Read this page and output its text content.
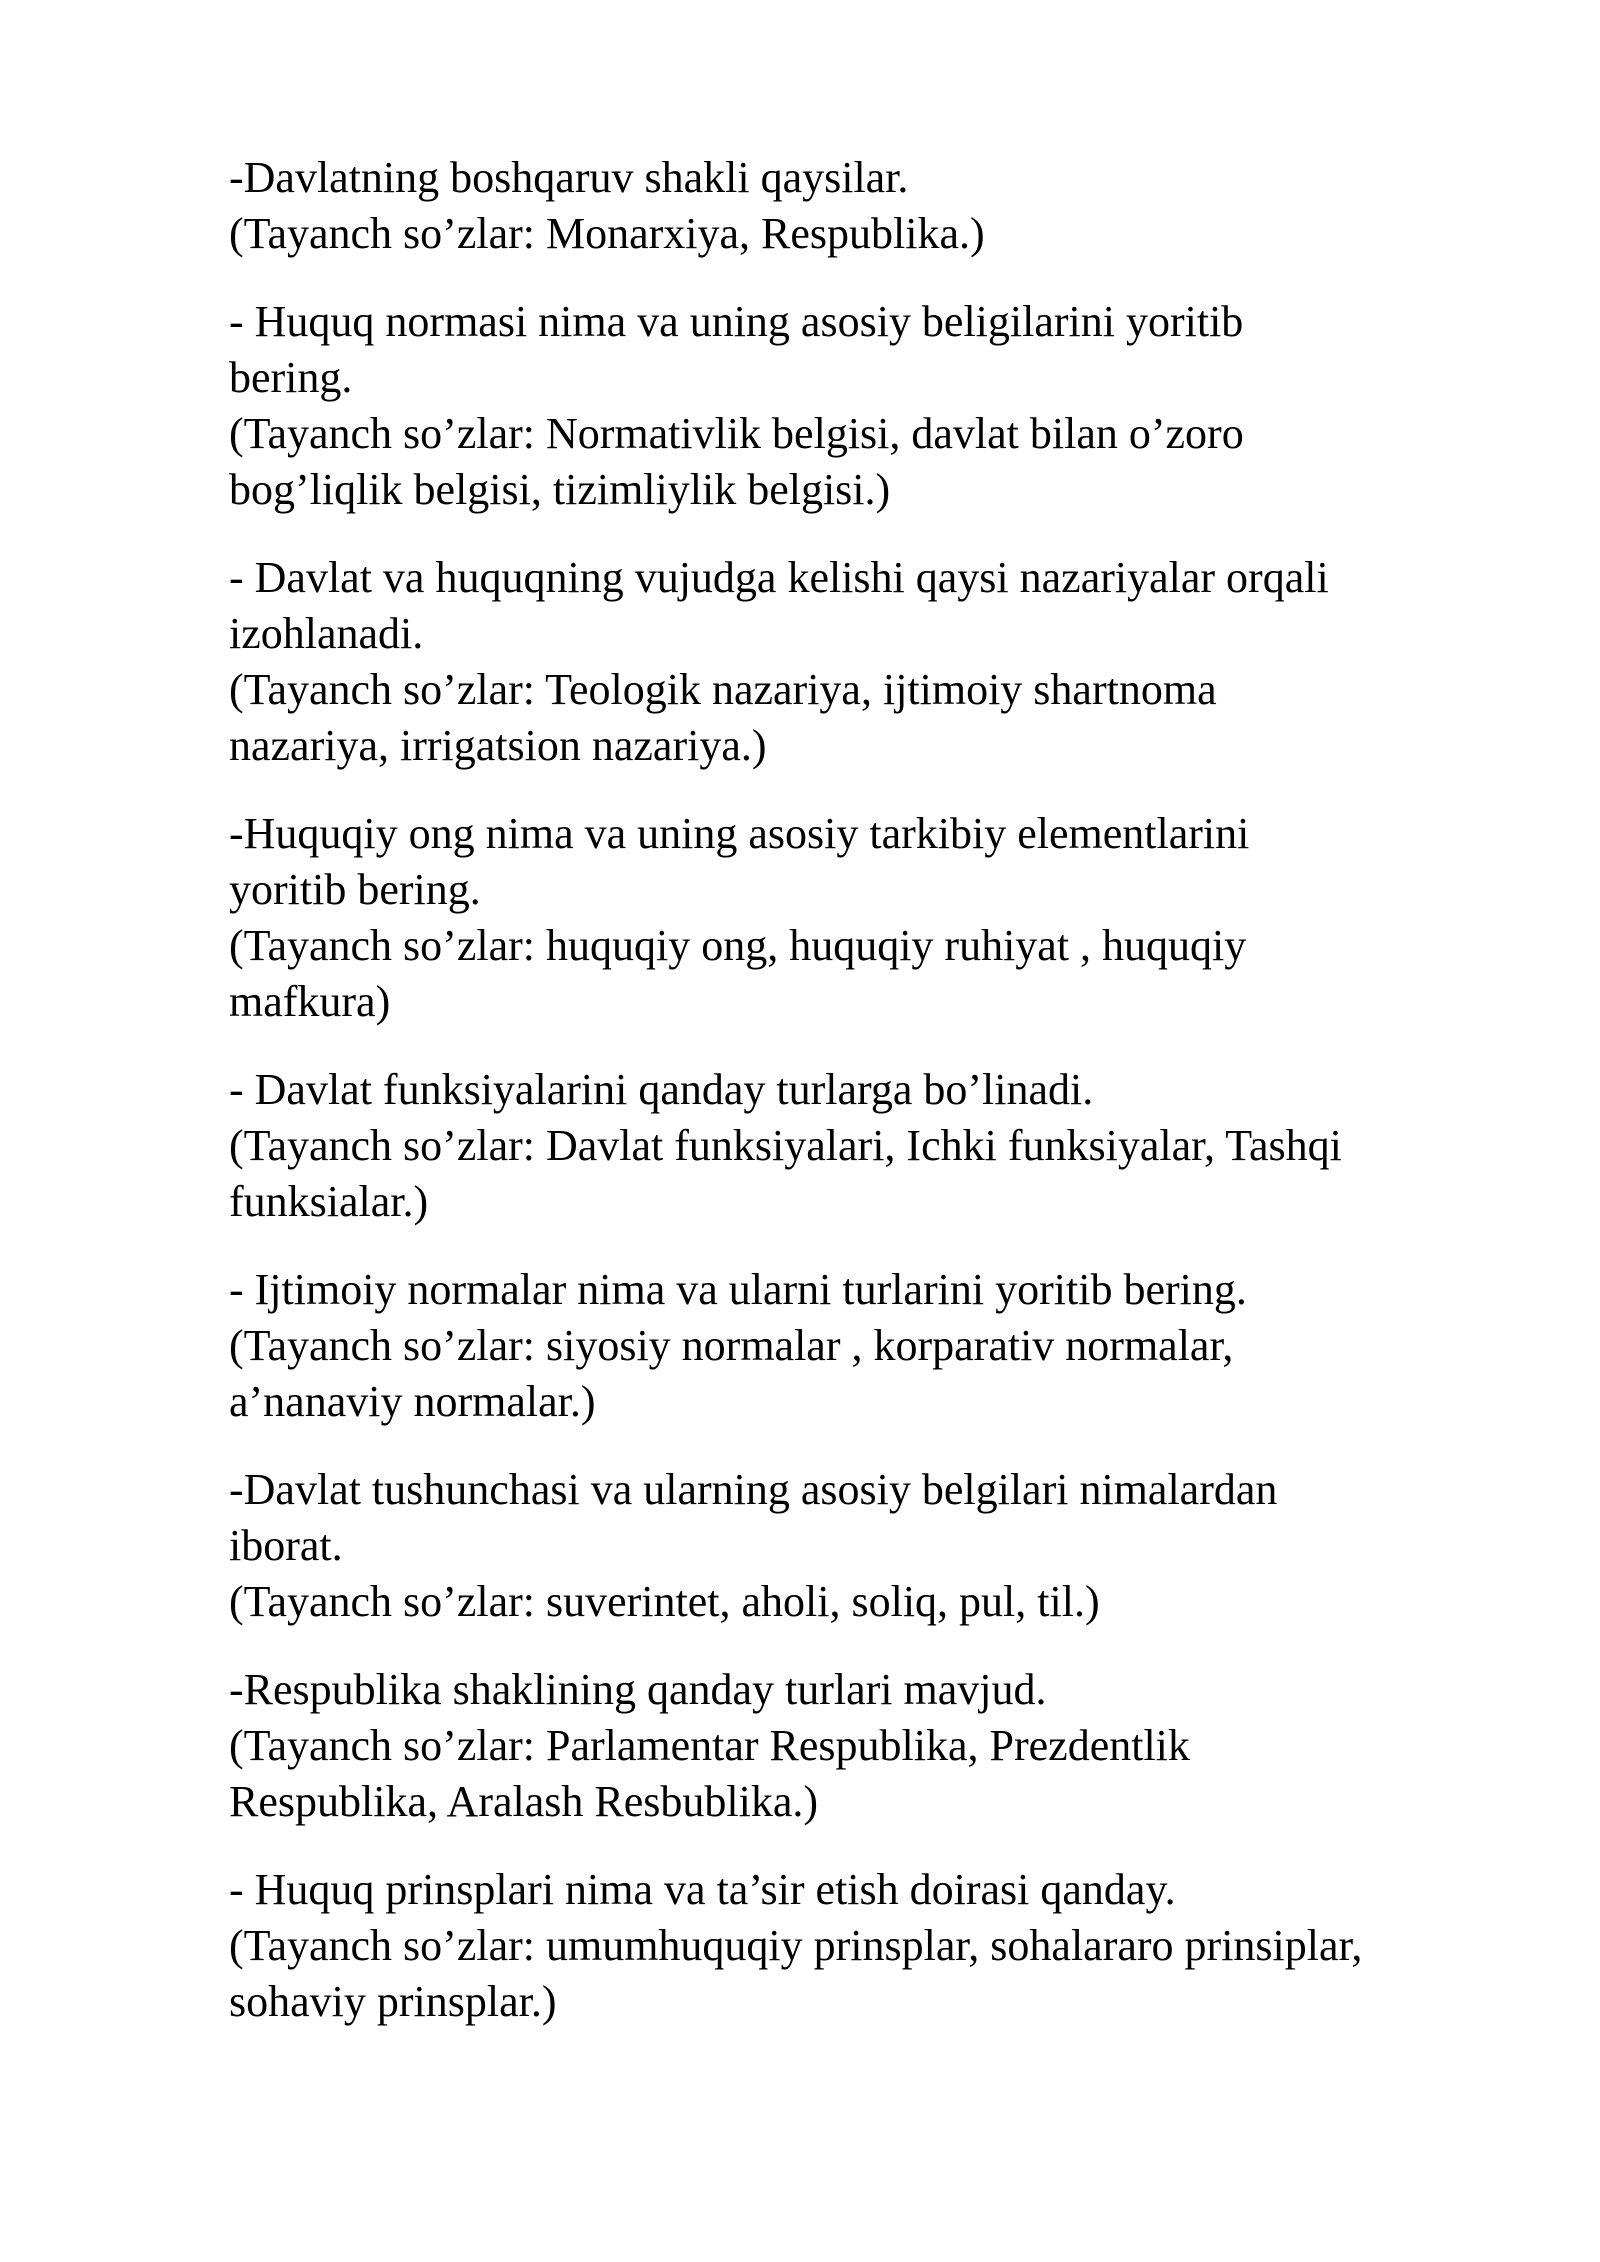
-Davlatning boshqaruv shakli qaysilar.

(Tayanch so’zlar: Monarxiya, Respublika.)

- Huquq normasi nima va uning asosiy beligilarini yoritib
bering.

(Tayanch so’zlar: Normativlik belgisi, davlat bilan o’zoro
bog’liqlik belgisi, tizimliylik belgisi.)

- Davlat va huquqning vujudga kelishi qaysi nazariyalar orqali
izohlanadi.

(Tayanch so’zlar: Teologik nazariya, ijtimoiy shartnoma
nazariya, irrigatsion nazariya.)

-Huquqiy ong nima va uning asosiy tarkibiy elementlarini
yoritib bering.

(Tayanch so’zlar: huquqiy ong, huquqiy ruhiyat , huquqiy
mafkura)

- Davlat funksiyalarini qanday turlarga bo’linadi.

(Tayanch so’zlar: Davlat funksiyalari, Ichki funksiyalar, Tashqi
funksialar.)

- Ijtimoiy normalar nima va ularni turlarini yoritib bering.

(Tayanch so’zlar: siyosiy normalar , korparativ normalar,
a’nanaviy normalar.)

-Davlat tushunchasi va ularning asosiy belgilari nimalardan
iborat.

(Tayanch so’zlar: suverintet, aholi, soliq, pul, til.)

-Respublika shaklining qanday turlari mavjud.

(Tayanch so’zlar: Parlamentar Respublika, Prezdentlik
Respublika, Aralash Resbublika.)

- Huquq prinsplari nima va ta’sir etish doirasi qanday.

(Tayanch so’zlar: umumhuquqiy prinsplar, sohalararo prinsiplar,
sohaviy prinsplar.)
